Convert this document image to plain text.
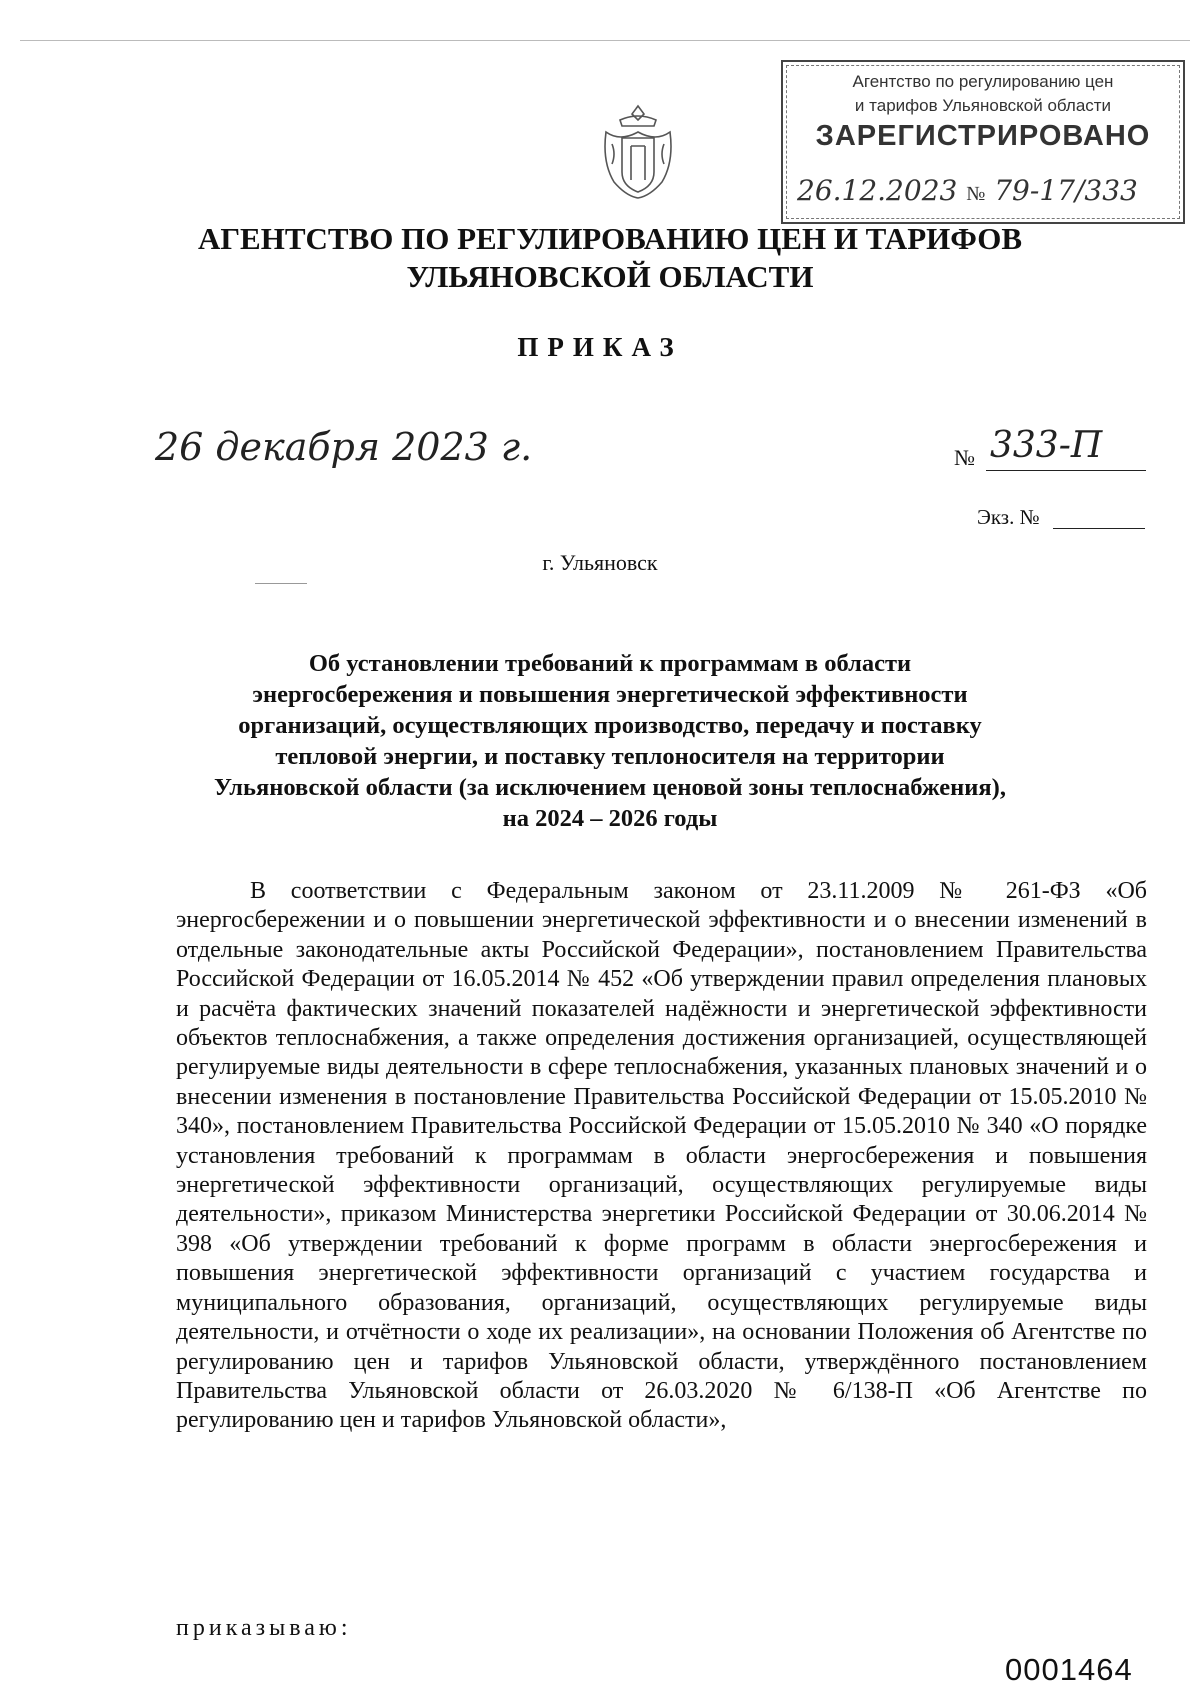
Агентство по регулированию цен
и тарифов Ульяновской области
ЗАРЕГИСТРИРОВАНО
26.12.2023 № 79-17/333
АГЕНТСТВО ПО РЕГУЛИРОВАНИЮ ЦЕН И ТАРИФОВ
УЛЬЯНОВСКОЙ ОБЛАСТИ
ПРИКАЗ
26 декабря 2023 г.	№ 333-П
Экз. №
г. Ульяновск
Об установлении требований к программам в области
энергосбережения и повышения энергетической эффективности
организаций, осуществляющих производство, передачу и поставку
тепловой энергии, и поставку теплоносителя на территории
Ульяновской области (за исключением ценовой зоны теплоснабжения),
на 2024 – 2026 годы

В соответствии с Федеральным законом от 23.11.2009 № 261-ФЗ «Об энергосбережении и о повышении энергетической эффективности и о внесении изменений в отдельные законодательные акты Российской Федерации», постановлением Правительства Российской Федерации от 16.05.2014 № 452 «Об утверждении правил определения плановых и расчёта фактических значений показателей надёжности и энергетической эффективности объектов теплоснабжения, а также определения достижения организацией, осуществляющей регулируемые виды деятельности в сфере теплоснабжения, указанных плановых значений и о внесении изменения в постановление Правительства Российской Федерации от 15.05.2010 № 340», постановлением Правительства Российской Федерации от 15.05.2010 № 340 «О порядке установления требований к программам в области энергосбережения и повышения энергетической эффективности организаций, осуществляющих регулируемые виды деятельности», приказом Министерства энергетики Российской Федерации от 30.06.2014 № 398 «Об утверждении требований к форме программ в области энергосбережения и повышения энергетической эффективности организаций с участием государства и муниципального образования, организаций, осуществляющих регулируемые виды деятельности, и отчётности о ходе их реализации», на основании Положения об Агентстве по регулированию цен и тарифов Ульяновской области, утверждённого постановлением Правительства Ульяновской области от 26.03.2020 № 6/138-П «Об Агентстве по регулированию цен и тарифов Ульяновской области»,

приказываю:
0001464
